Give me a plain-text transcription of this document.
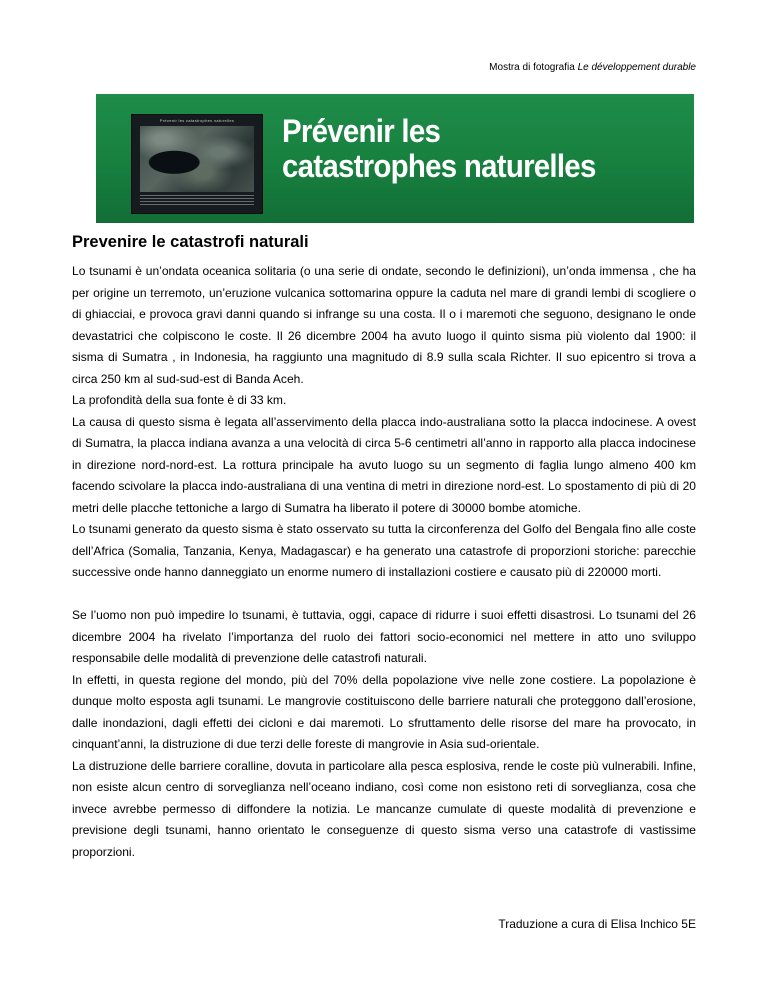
Mostra di fotografia Le développement durable
Prévenir les catastrophes naturelles	Prévenir les
catastrophes naturelles
Prevenire le catastrofi naturali

Lo tsunami è un’ondata oceanica solitaria (o una serie di ondate, secondo le definizioni), un’onda immensa , che ha per origine un terremoto, un’eruzione vulcanica sottomarina oppure la caduta nel mare di grandi lembi di scogliere o di ghiacciai, e provoca gravi danni quando si infrange su una costa. Il o i maremoti che seguono, designano le onde devastatrici che colpiscono le coste. Il 26 dicembre 2004 ha avuto luogo il quinto sisma più violento dal 1900: il sisma di Sumatra , in Indonesia, ha raggiunto una magnitudo di 8.9 sulla scala Richter. Il suo epicentro si trova a circa 250 km al sud-sud-est di Banda Aceh.

La profondità della sua fonte è di 33 km.

La causa di questo sisma è legata all’asservimento della placca indo-australiana sotto la placca indocinese. A ovest di Sumatra, la placca indiana avanza a una velocità di circa 5-6 centimetri all’anno in rapporto alla placca indocinese in direzione nord-nord-est. La rottura principale ha avuto luogo su un segmento di faglia lungo almeno 400 km facendo scivolare la placca indo-australiana di una ventina di metri in direzione nord-est. Lo spostamento di più di 20 metri delle placche tettoniche a largo di Sumatra ha liberato il potere di 30000 bombe atomiche.

Lo tsunami generato da questo sisma è stato osservato su tutta la circonferenza del Golfo del Bengala fino alle coste dell’Africa (Somalia, Tanzania, Kenya, Madagascar) e ha generato una catastrofe di proporzioni storiche: parecchie successive onde hanno danneggiato un enorme numero di installazioni costiere e causato più di 220000 morti.

Se l’uomo non può impedire lo tsunami, è tuttavia, oggi, capace di ridurre i suoi effetti disastrosi. Lo tsunami del 26 dicembre 2004 ha rivelato l’importanza del ruolo dei fattori socio-economici nel mettere in atto uno sviluppo responsabile delle modalità di prevenzione delle catastrofi naturali.

In effetti, in questa regione del mondo, più del 70% della popolazione vive nelle zone costiere. La popolazione è dunque molto esposta agli tsunami. Le mangrovie costituiscono delle barriere naturali che proteggono dall’erosione, dalle inondazioni, dagli effetti dei cicloni e dai maremoti. Lo sfruttamento delle risorse del mare ha provocato, in cinquant’anni, la distruzione di due terzi delle foreste di mangrovie in Asia sud-orientale.

La distruzione delle barriere coralline, dovuta in particolare alla pesca esplosiva, rende le coste più vulnerabili. Infine, non esiste alcun centro di sorveglianza nell’oceano indiano, così come non esistono reti di sorveglianza, cosa che invece avrebbe permesso di diffondere la notizia. Le mancanze cumulate di queste modalità di prevenzione e previsione degli tsunami, hanno orientato le conseguenze di questo sisma verso una catastrofe di vastissime proporzioni.

Traduzione a cura di Elisa Inchico 5E
